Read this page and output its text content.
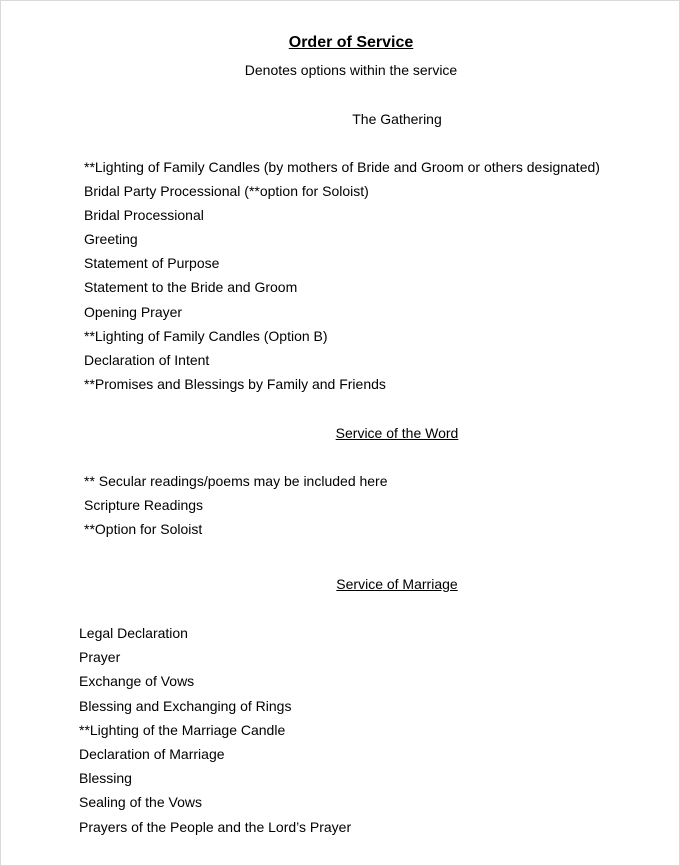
Order of Service
Denotes options within the service
The Gathering
**Lighting of Family Candles (by mothers of Bride and Groom or others designated)
Bridal Party Processional (**option for Soloist)
Bridal Processional
Greeting
Statement of Purpose
Statement to the Bride and Groom
Opening Prayer
**Lighting of Family Candles (Option B)
Declaration of Intent
**Promises and Blessings by Family and Friends
Service of the Word
** Secular readings/poems may be included here
Scripture Readings
**Option for Soloist
Service of Marriage
Legal Declaration
Prayer
Exchange of Vows
Blessing and Exchanging of Rings
**Lighting of the Marriage Candle
Declaration of Marriage
Blessing
Sealing of the Vows
Prayers of the People and the Lord’s Prayer
